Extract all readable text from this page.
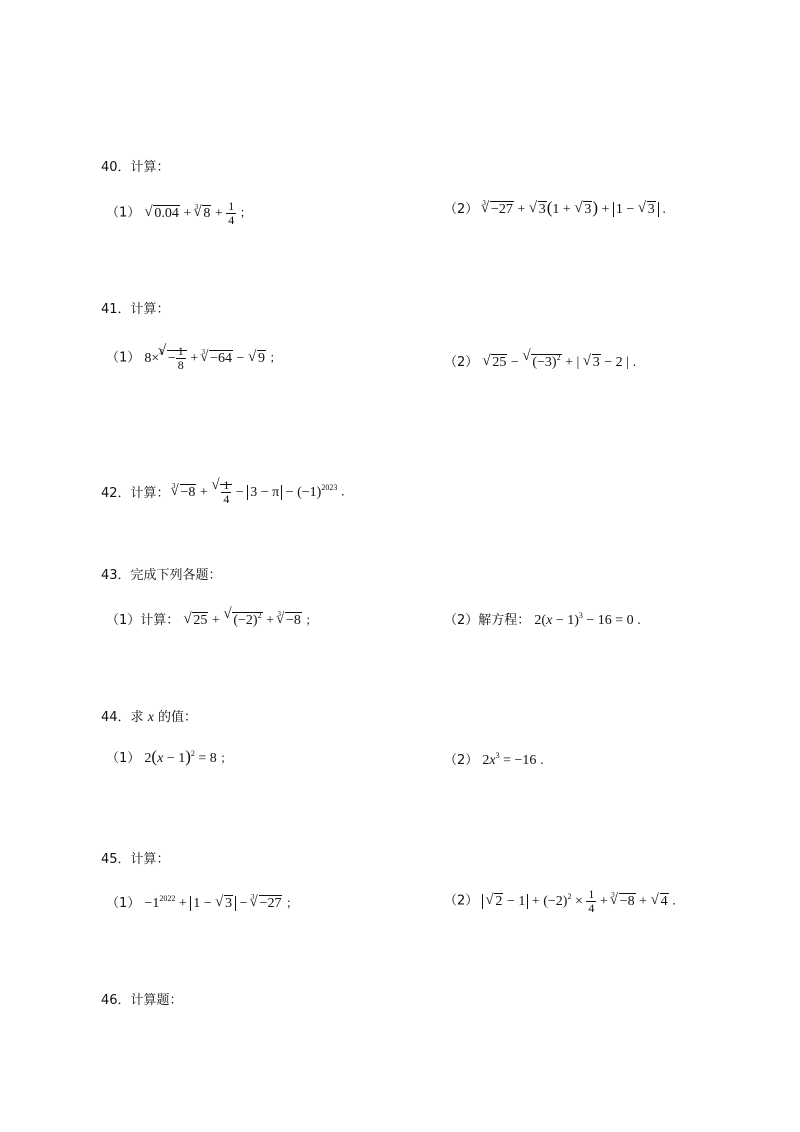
40．计算：
（1） √ 0.04 + $^3$√ $8 + \frac{1}{4}$ ；	（2） $^3$√ −27 + √ 3(1 + √ 3) + 1 − √ 3 .
41．计算：
（1） $8\times^3√ - \frac{1}{8} + ^3√ -64$ − √ 9 ；	（2） √ 25 − √ $(-3)^2$ + | √ 3 − 2 | .
42．计算：
$^3$√ −8 +
√ $\frac{1}{4} - 3 - \pi - (-1)^{2023}$ .
43．完成下列各题：
（1）计算： √ 25 + √ $(-2)^2 + ^3√ -8$ ；	（2）解方程： $2(x - 1)^3 - 16 = 0$ .
44．求 x 的值：
（1） $2(x - 1)^2 = 8$ ；	（2） $2x^3 = -16$ .
45．计算：
$(1) -1^{2022} + 1$ − √ 3 − $^3$√ −27 ；	（2） √ $2 - 1 + (-2)^2 \times \frac{1}{4} + ^3√ -8$ + √ 4 .
46．计算题：
